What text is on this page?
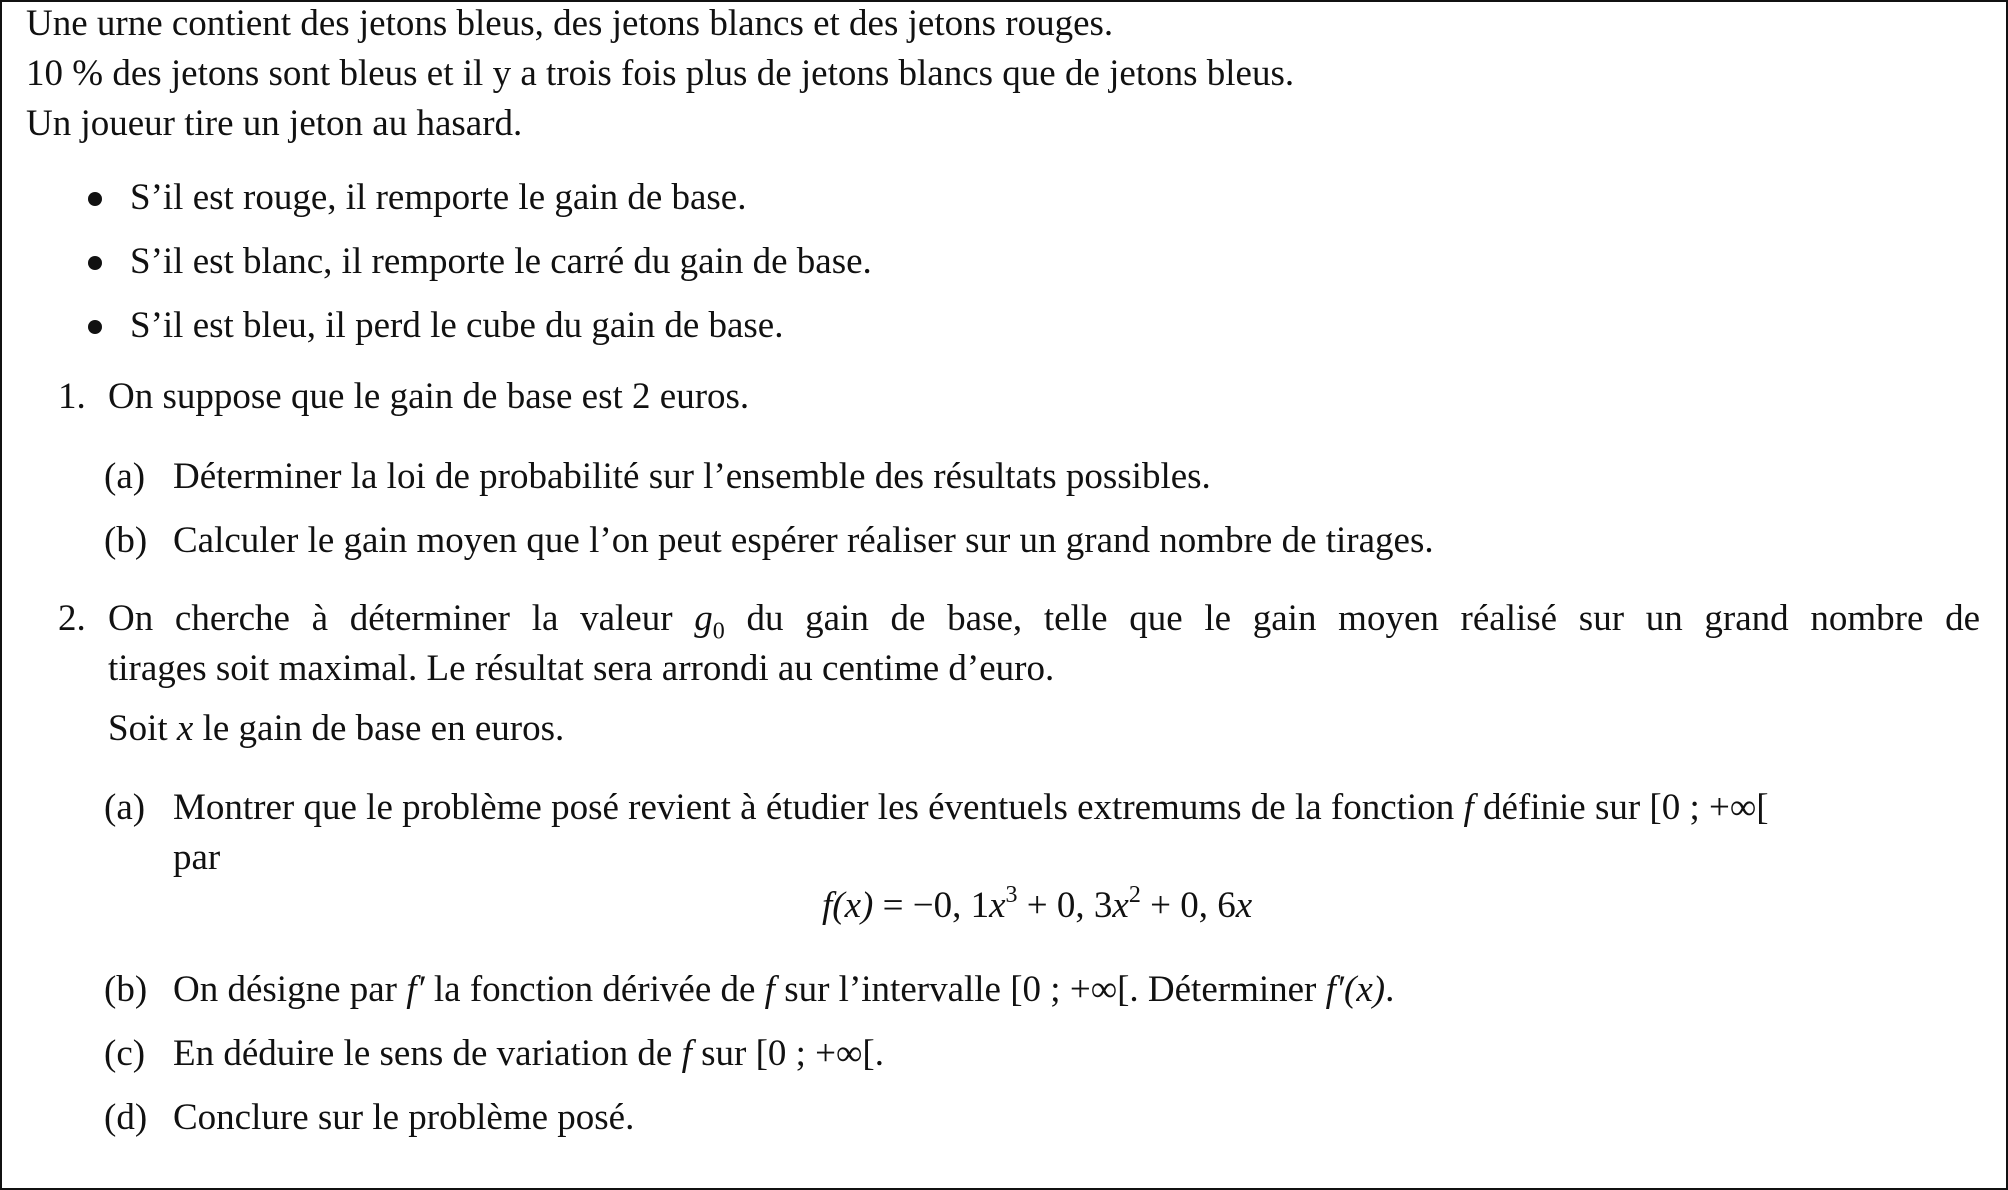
Une urne contient des jetons bleus, des jetons blancs et des jetons rouges.
10 % des jetons sont bleus et il y a trois fois plus de jetons blancs que de jetons bleus.
Un joueur tire un jeton au hasard.
S’il est rouge, il remporte le gain de base.
S’il est blanc, il remporte le carré du gain de base.
S’il est bleu, il perd le cube du gain de base.
1. On suppose que le gain de base est 2 euros.
(a) Déterminer la loi de probabilité sur l’ensemble des résultats possibles.
(b) Calculer le gain moyen que l’on peut espérer réaliser sur un grand nombre de tirages.
2. On cherche à déterminer la valeur $g_0$ du gain de base, telle que le gain moyen réalisé sur un grand nombre de
tirages soit maximal. Le résultat sera arrondi au centime d’euro.
Soit x le gain de base en euros.
(a) Montrer que le problème posé revient à étudier les éventuels extremums de la fonction f définie sur [0 ; +∞[
par
f(x) = −0, $1x^3 + 0$, $3x^2 + 0$, 6x
(b) On désigne par f′ la fonction dérivée de f sur l’intervalle [0 ; +∞[. Déterminer f′(x).
(c) En déduire le sens de variation de f sur [0 ; +∞[.
(d) Conclure sur le problème posé.
